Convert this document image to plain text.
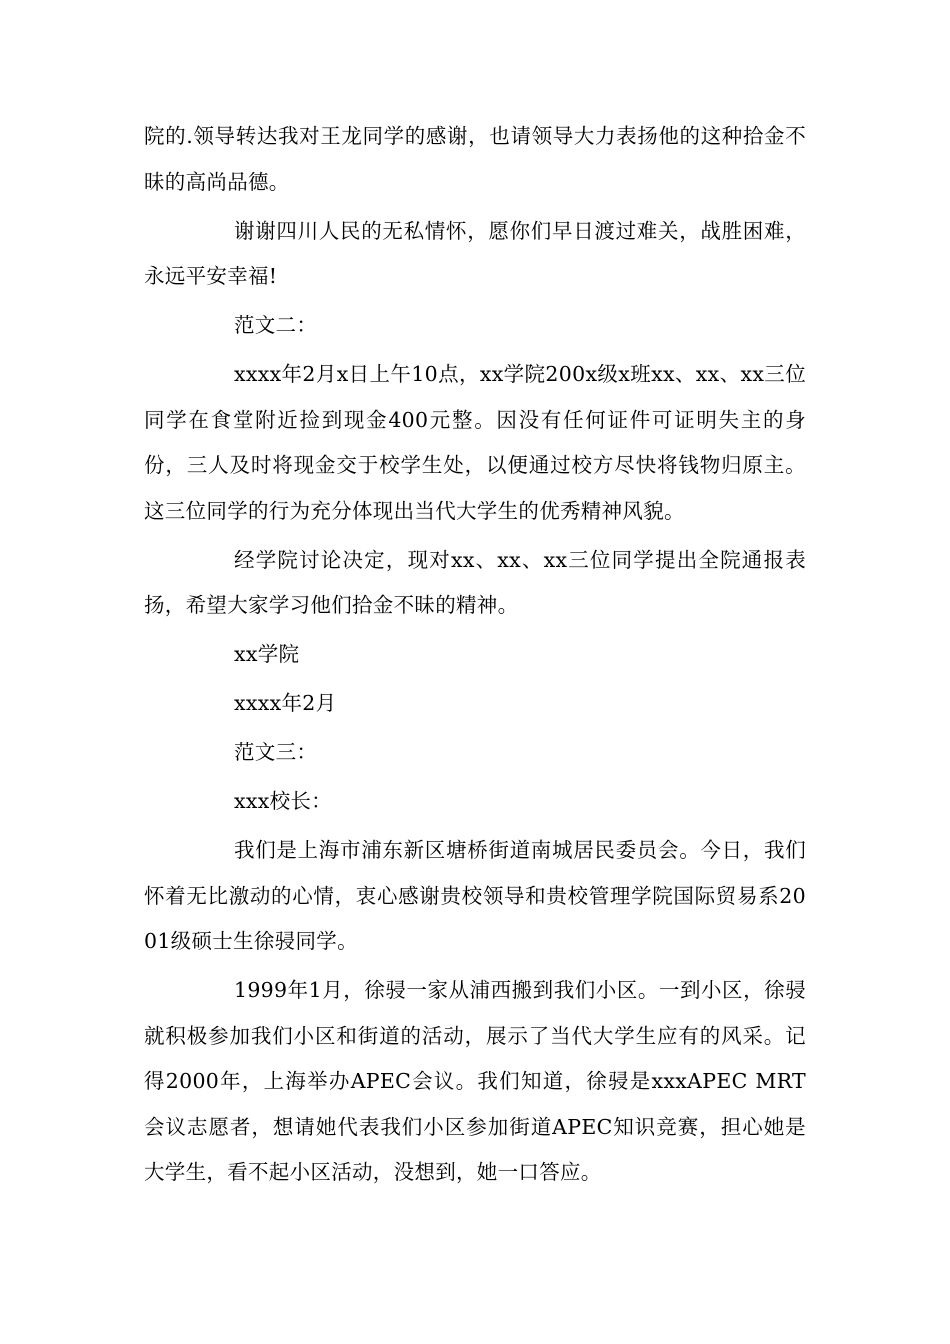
院的.领导转达我对王龙同学的感谢，也请领导大力表扬他的这种拾金不昧的高尚品德。

谢谢四川人民的无私情怀，愿你们早日渡过难关，战胜困难，永远平安幸福!

范文二：

xxxx年2月x日上午10点，xx学院200x级x班xx、xx、xx三位同学在食堂附近捡到现金400元整。因没有任何证件可证明失主的身份，三人及时将现金交于校学生处，以便通过校方尽快将钱物归原主。这三位同学的行为充分体现出当代大学生的优秀精神风貌。

经学院讨论决定，现对xx、xx、xx三位同学提出全院通报表扬，希望大家学习他们拾金不昧的精神。

xx学院

xxxx年2月

范文三：

xxx校长：

我们是上海市浦东新区塘桥街道南城居民委员会。今日，我们怀着无比激动的心情，衷心感谢贵校领导和贵校管理学院国际贸易系2001级硕士生徐骎同学。

1999年1月，徐骎一家从浦西搬到我们小区。一到小区，徐骎就积极参加我们小区和街道的活动，展示了当代大学生应有的风采。记得2000年，上海举办APEC会议。我们知道，徐骎是xxxAPEC MRT会议志愿者，想请她代表我们小区参加街道APEC知识竞赛，担心她是大学生，看不起小区活动，没想到，她一口答应。
